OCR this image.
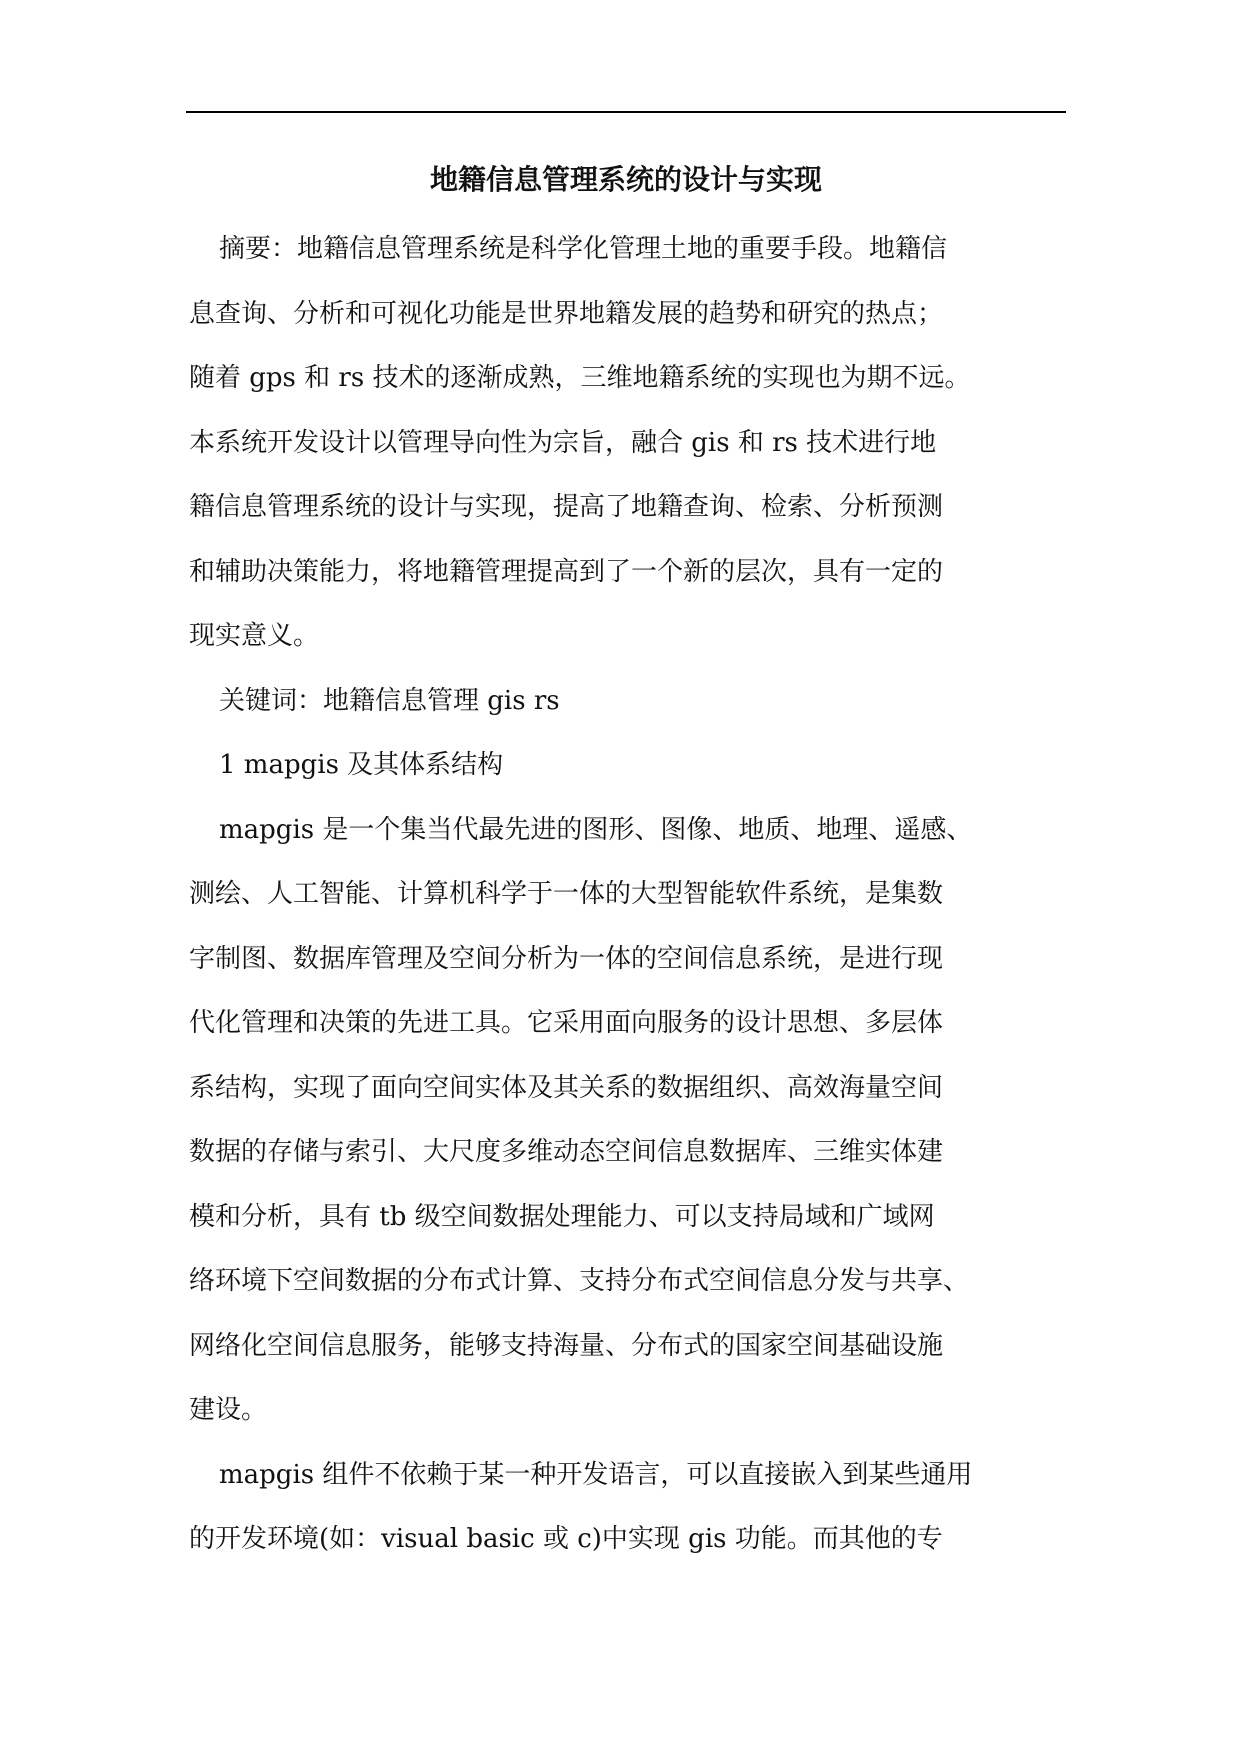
地籍信息管理系统的设计与实现
摘要：地籍信息管理系统是科学化管理土地的重要手段。地籍信
息查询、分析和可视化功能是世界地籍发展的趋势和研究的热点；
随着 gps 和 rs 技术的逐渐成熟，三维地籍系统的实现也为期不远。
本系统开发设计以管理导向性为宗旨，融合 gis 和 rs 技术进行地
籍信息管理系统的设计与实现，提高了地籍查询、检索、分析预测
和辅助决策能力，将地籍管理提高到了一个新的层次，具有一定的
现实意义。
关键词：地籍信息管理 gis rs
1 mapgis 及其体系结构
mapgis 是一个集当代最先进的图形、图像、地质、地理、遥感、
测绘、人工智能、计算机科学于一体的大型智能软件系统，是集数
字制图、数据库管理及空间分析为一体的空间信息系统，是进行现
代化管理和决策的先进工具。它采用面向服务的设计思想、多层体
系结构，实现了面向空间实体及其关系的数据组织、高效海量空间
数据的存储与索引、大尺度多维动态空间信息数据库、三维实体建
模和分析，具有 tb 级空间数据处理能力、可以支持局域和广域网
络环境下空间数据的分布式计算、支持分布式空间信息分发与共享、
网络化空间信息服务，能够支持海量、分布式的国家空间基础设施
建设。
mapgis 组件不依赖于某一种开发语言，可以直接嵌入到某些通用
的开发环境(如：visual basic 或 c)中实现 gis 功能。而其他的专
